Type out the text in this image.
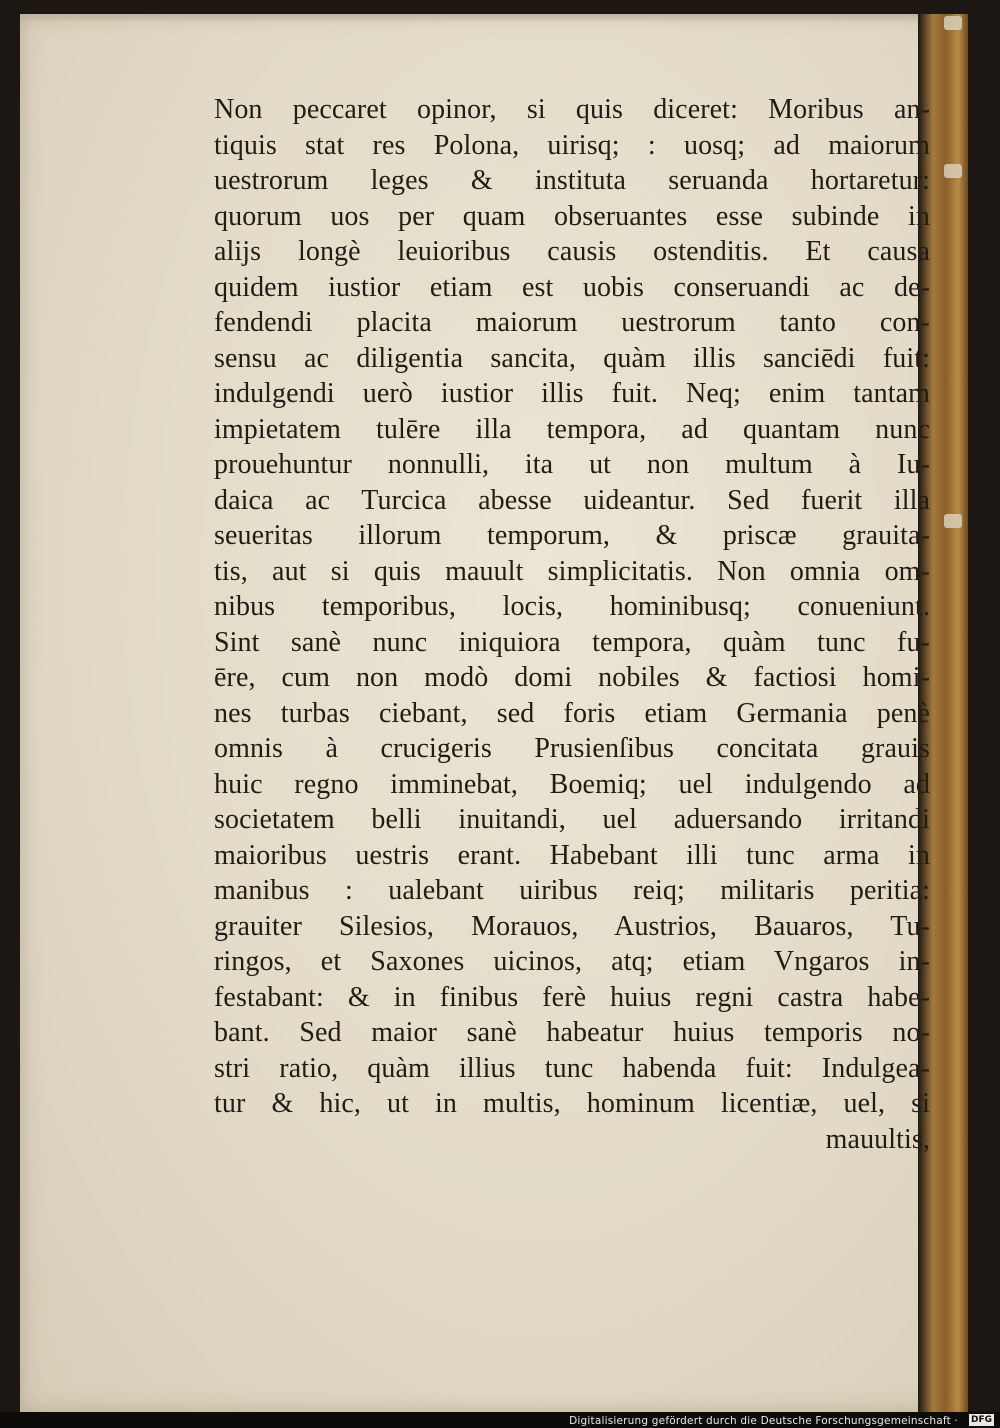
Non peccaret opinor, si quis diceret: Moribus an-
tiquis stat res Polona, uirisq; : uosq; ad maiorum
uestrorum leges & instituta seruanda hortaretur:
quorum uos per quam obseruantes esse subinde in
alijs longè leuioribus causis ostenditis. Et causa
quidem iustior etiam est uobis conseruandi ac de-
fendendi placita maiorum uestrorum tanto con-
sensu ac diligentia sancita, quàm illis sanciēdi fuit:
indulgendi uerò iustior illis fuit. Neq; enim tantam
impietatem tulēre illa tempora, ad quantam nunc
prouehuntur nonnulli, ita ut non multum à Iu-
daica ac Turcica abesse uideantur. Sed fuerit illa
seueritas illorum temporum, & priscæ grauita-
tis, aut si quis mauult simplicitatis. Non omnia om-
nibus temporibus, locis, hominibusq; conueniunt.
Sint sanè nunc iniquiora tempora, quàm tunc fu-
ēre, cum non modò domi nobiles & factiosi homi-
nes turbas ciebant, sed foris etiam Germania penè
omnis à crucigeris Prusienſibus concitata grauis
huic regno imminebat, Boemiq; uel indulgendo ad
societatem belli inuitandi, uel aduersando irritandi
maioribus uestris erant. Habebant illi tunc arma in
manibus : ualebant uiribus reiq; militaris peritia:
grauiter Silesios, Morauos, Austrios, Bauaros, Tu-
ringos, et Saxones uicinos, atq; etiam Vngaros in-
festabant: & in finibus ferè huius regni castra habe-
bant. Sed maior sanè habeatur huius temporis no-
stri ratio, quàm illius tunc habenda fuit: Indulgea-
tur & hic, ut in multis, hominum licentiæ, uel, si
mauultis,
Digitalisierung gefördert durch die Deutsche Forschungsgemeinschaft · DFG
